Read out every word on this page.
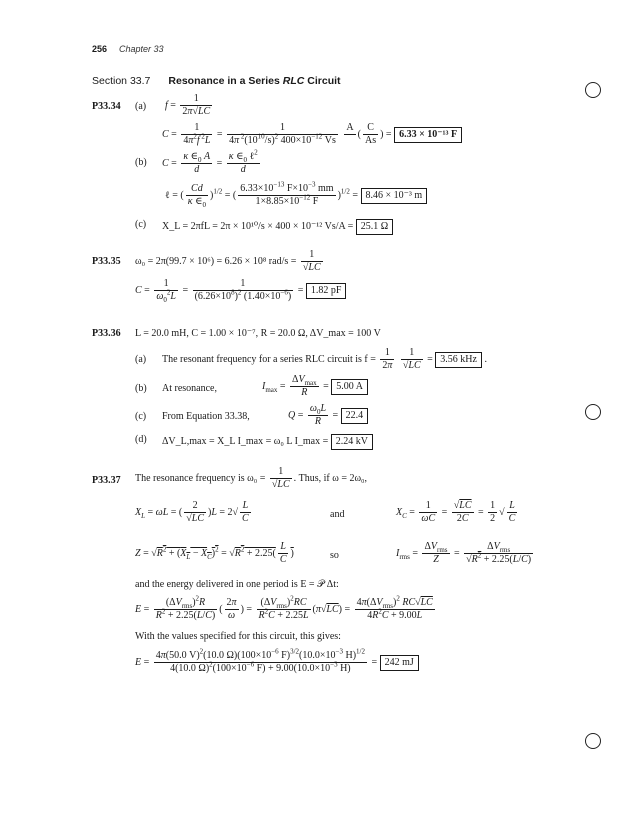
256 Chapter 33
Section 33.7 Resonance in a Series RLC Circuit
P33.34 (a) $f = \frac{1}{2\pi√LC}$
$C = \frac{1}{4\pi^2f ^2L} = \frac{1}{4\pi ^2(10^{10}/s)^2 400\times 10^{-12} Vs}$
A

( $\frac{C}{As}$ ) = 6.33 × 10⁻¹³ F
(b) $C = \frac{\kappa \in_0 A}{d} = \frac{\kappa \in_0 \ell^2}{d}$
ℓ = ( $\frac{Cd}{\kappa \in_0} )^{1/2}$ = ( $\frac{6.33\times 10^{-13} F\times 10^{-3} mm}{1\times 8.85\times 10^{-12} F} )^{1/2} = 8.46 \times 10^{-3}$ m
(c) X_L = 2πfL = 2π × 10¹⁰/s × 400 × 10⁻¹² Vs/A = 25.1 Ω
P33.35 ω₀ = 2π(99.7 × 10⁶) = 6.26 × 10⁸ $rad/s = \frac{1}{√LC}$
$C = \frac{1}{\omega_0^2L} = \frac{1}{(6.26\times 10^8)^2 (1.40\times 10^{-6})} = 1.82$ pF
P33.36 L = 20.0 mH, C = 1.00 × 10⁻⁷, R = 20.0 Ω, ΔV_max = 100 V
(a) The resonant frequency for a series RLC circuit is $f = \frac{1}{2\pi}$
$\frac{1}{√LC} = 3.56$ kHz .
(b) At resonance,	$I_{max} = \frac{\Delta V_{max}}{R} = 5.00$ A
(c) From Equation 33.38,	$Q = \frac{\omega_0L}{R} = 22.4$
(d) ΔV_L,max = X_L I_max = ω₀ L I_max = 2.24 kV
P33.37 The resonance frequency is $\omega_0 = \frac{1}{√LC}$ . Thus, if ω = 2ω₀,
$X_L = \omega L$ = ( $\frac{2}{√LC} )L = 2√ \frac{L}{C}$	and	$X_C = \frac{1}{\omega C} = \frac{√LC}{2C} = \frac{1}{2}$ √ $\frac{L}{C}$
$Z = √R^2 + (X_L - X_C)^2 = √R^2 + 2.25( \frac{L}{C}$ )	so	$I_{rms} = \frac{\Delta V_{rms}}{Z} = \frac{\Delta V_{rms}}{√R^2 + 2.25(L/C)}$
and the energy delivered in one period is E = 𝒫 Δt:
$E = \frac{(\Delta V_{rms})^2R}{R^2 + 2.25(L/C)}$ ( $\frac{2\pi}{\omega}$ ) = $\frac{(\Delta V_{rms})^2RC}{R^2C + 2.25L} (\pi√LC) = \frac{4\pi(\Delta V_{rms})^2 RC√LC}{4R^2C + 9.00L}$
With the values specified for this circuit, this gives:
$E = \frac{4\pi(50.0 V)^2(10.0 \Omega)(100\times 10^{-6} F)^{3/2}(10.0\times 10^{-3} H)^{1/2}}{4(10.0 \Omega)^2(100\times 10^{-6} F) + 9.00(10.0\times 10^{-3} H)} = 242$ mJ
